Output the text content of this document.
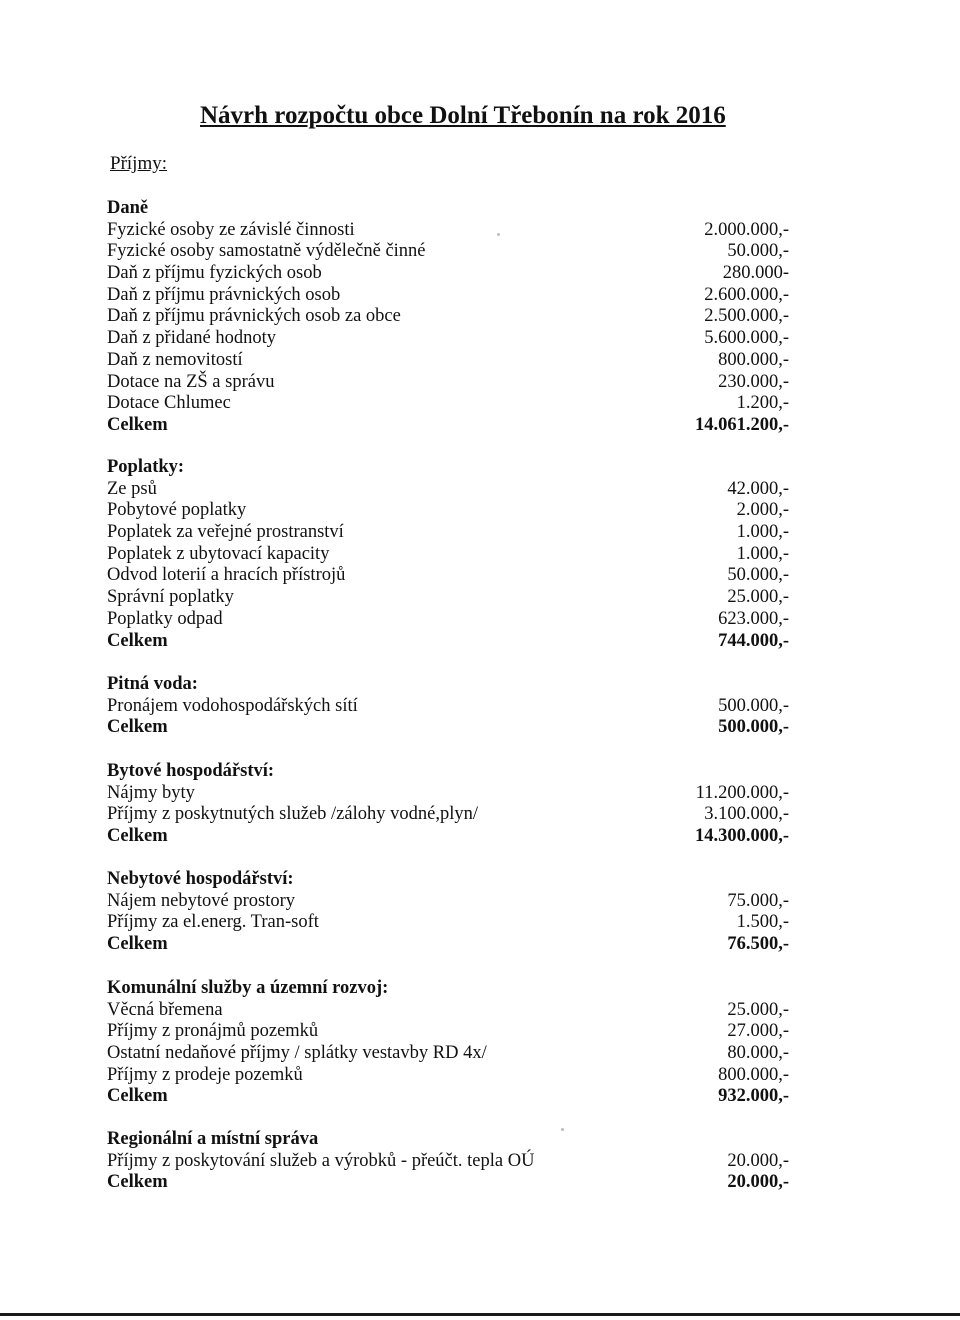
Návrh rozpočtu obce Dolní Třebonín na rok 2016
Příjmy:
Daně
Fyzické osoby ze závislé činnosti	2.000.000,-
Fyzické osoby samostatně výdělečně činné	50.000,-
Daň z příjmu fyzických osob	280.000-
Daň z příjmu právnických osob	2.600.000,-
Daň z příjmu právnických osob za obce	2.500.000,-
Daň z přidané hodnoty	5.600.000,-
Daň z nemovitostí	800.000,-
Dotace na ZŠ a správu	230.000,-
Dotace Chlumec	1.200,-
Celkem	14.061.200,-
Poplatky:
Ze psů	42.000,-
Pobytové poplatky	2.000,-
Poplatek za veřejné prostranství	1.000,-
Poplatek z ubytovací kapacity	1.000,-
Odvod loterií a hracích přístrojů	50.000,-
Správní poplatky	25.000,-
Poplatky odpad	623.000,-
Celkem	744.000,-
Pitná voda:
Pronájem vodohospodářských sítí	500.000,-
Celkem	500.000,-
Bytové hospodářství:
Nájmy byty	11.200.000,-
Příjmy z poskytnutých služeb /zálohy vodné,plyn/	3.100.000,-
Celkem	14.300.000,-
Nebytové hospodářství:
Nájem nebytové prostory	75.000,-
Příjmy za el.energ. Tran-soft	1.500,-
Celkem	76.500,-
Komunální služby a územní rozvoj:
Věcná břemena	25.000,-
Příjmy z pronájmů pozemků	27.000,-
Ostatní nedaňové příjmy / splátky vestavby RD 4x/	80.000,-
Příjmy z prodeje pozemků	800.000,-
Celkem	932.000,-
Regionální a místní správa
Příjmy z poskytování služeb a výrobků - přeúčt. tepla OÚ	20.000,-
Celkem	20.000,-
